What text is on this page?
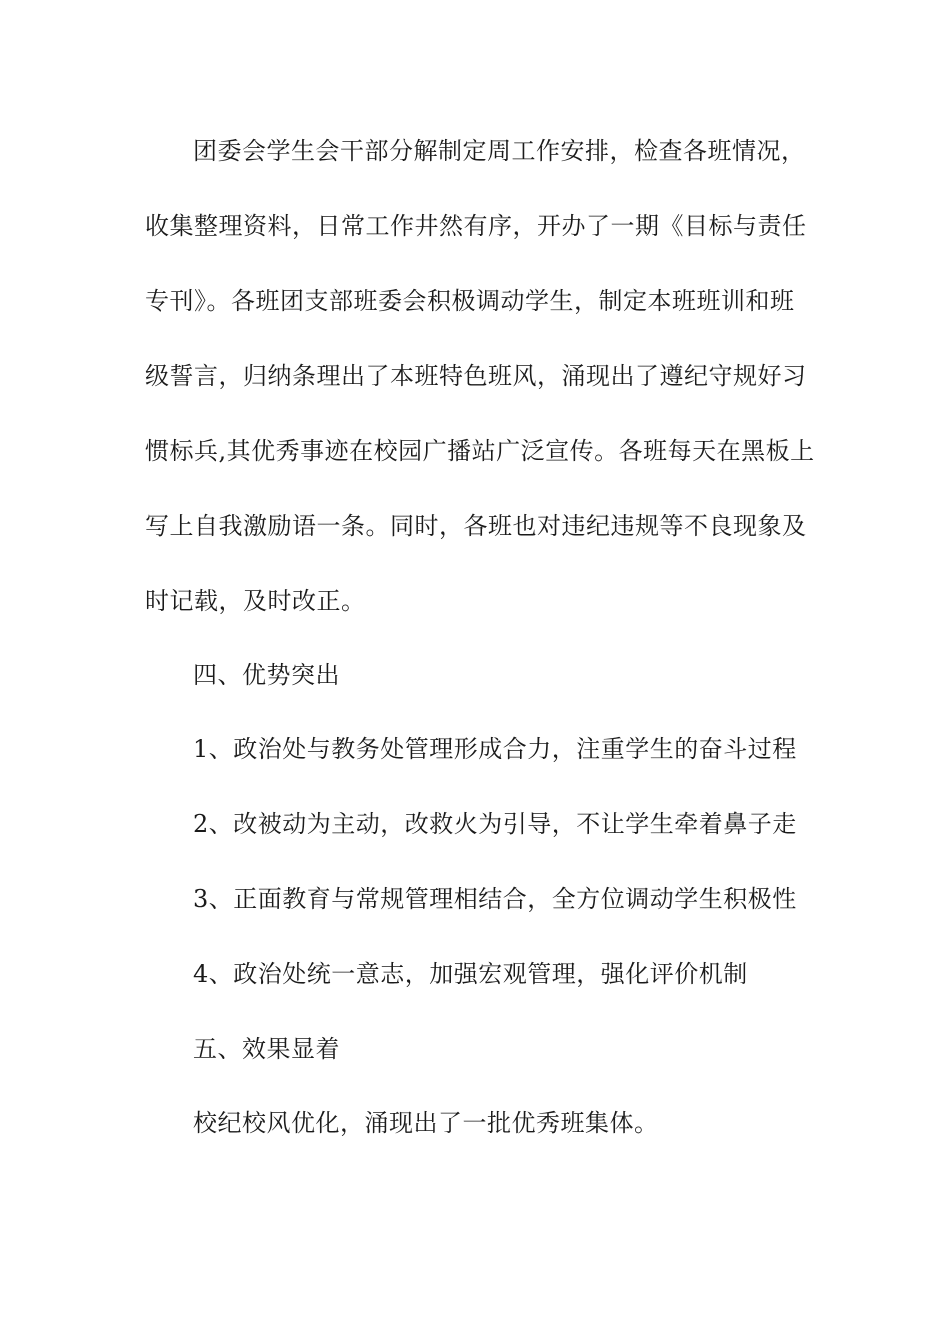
团委会学生会干部分解制定周工作安排，检查各班情况，
收集整理资料，日常工作井然有序，开办了一期《目标与责任
专刊》。各班团支部班委会积极调动学生，制定本班班训和班
级誓言，归纳条理出了本班特色班风，涌现出了遵纪守规好习
惯标兵,其优秀事迹在校园广播站广泛宣传。各班每天在黑板上
写上自我激励语一条。同时，各班也对违纪违规等不良现象及
时记载，及时改正。
四、优势突出
1、政治处与教务处管理形成合力，注重学生的奋斗过程
2、改被动为主动，改救火为引导，不让学生牵着鼻子走
3、正面教育与常规管理相结合，全方位调动学生积极性
4、政治处统一意志，加强宏观管理，强化评价机制
五、效果显着
校纪校风优化，涌现出了一批优秀班集体。
